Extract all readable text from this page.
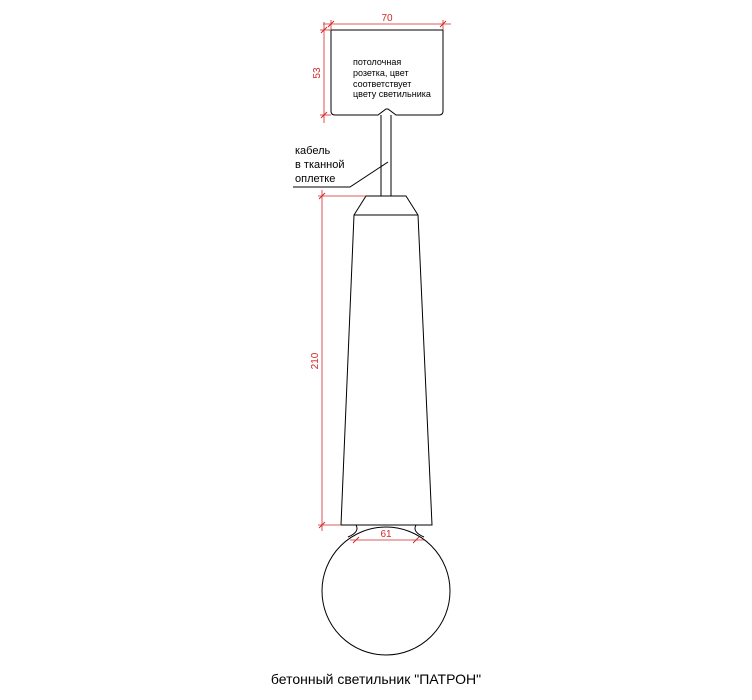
70
53
210
61
потолочная
розетка, цвет
соответствует
цвету светильника
кабель
в тканной
оплетке
бетонный светильник "ПАТРОН"
